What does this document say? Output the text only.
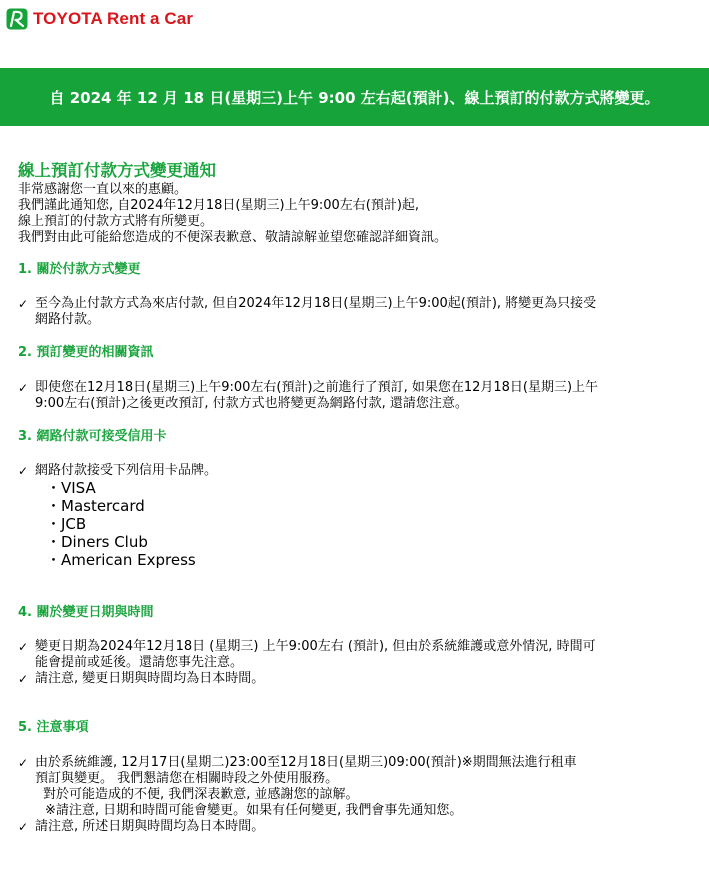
TOYOTA Rent a Car
自 2024 年 12 月 18 日(星期三)上午 9:00 左右起(預計)、線上預訂的付款方式將變更。
線上預訂付款方式變更通知
非常感謝您一直以來的惠顧。
我們謹此通知您, 自2024年12月18日(星期三)上午9:00左右(預計)起,
線上預訂的付款方式將有所變更。
我們對由此可能給您造成的不便深表歉意、敬請諒解並望您確認詳細資訊。
1. 關於付款方式變更
✓ 至今為止付款方式為來店付款, 但自2024年12月18日(星期三)上午9:00起(預計), 將變更為只接受
網路付款。
2. 預訂變更的相關資訊
✓ 即使您在12月18日(星期三)上午9:00左右(預計)之前進行了預訂, 如果您在12月18日(星期三)上午
9:00左右(預計)之後更改預訂, 付款方式也將變更為網路付款, 還請您注意。
3. 網路付款可接受信用卡
✓ 網路付款接受下列信用卡品牌。
・VISA
・Mastercard
・JCB
・Diners Club
・American Express
4. 關於變更日期與時間
✓ 變更日期為2024年12月18日 (星期三) 上午9:00左右 (預計), 但由於系統維護或意外情況, 時間可
能會提前或延後。還請您事先注意。
✓ 請注意, 變更日期與時間均為日本時間。
5. 注意事項
✓ 由於系統維護, 12月17日(星期二)23:00至12月18日(星期三)09:00(預計)※期間無法進行租車
預訂與變更。 我們懇請您在相關時段之外使用服務。
對於可能造成的不便, 我們深表歉意, 並感謝您的諒解。
※請注意, 日期和時間可能會變更。如果有任何變更, 我們會事先通知您。
✓ 請注意, 所述日期與時間均為日本時間。
